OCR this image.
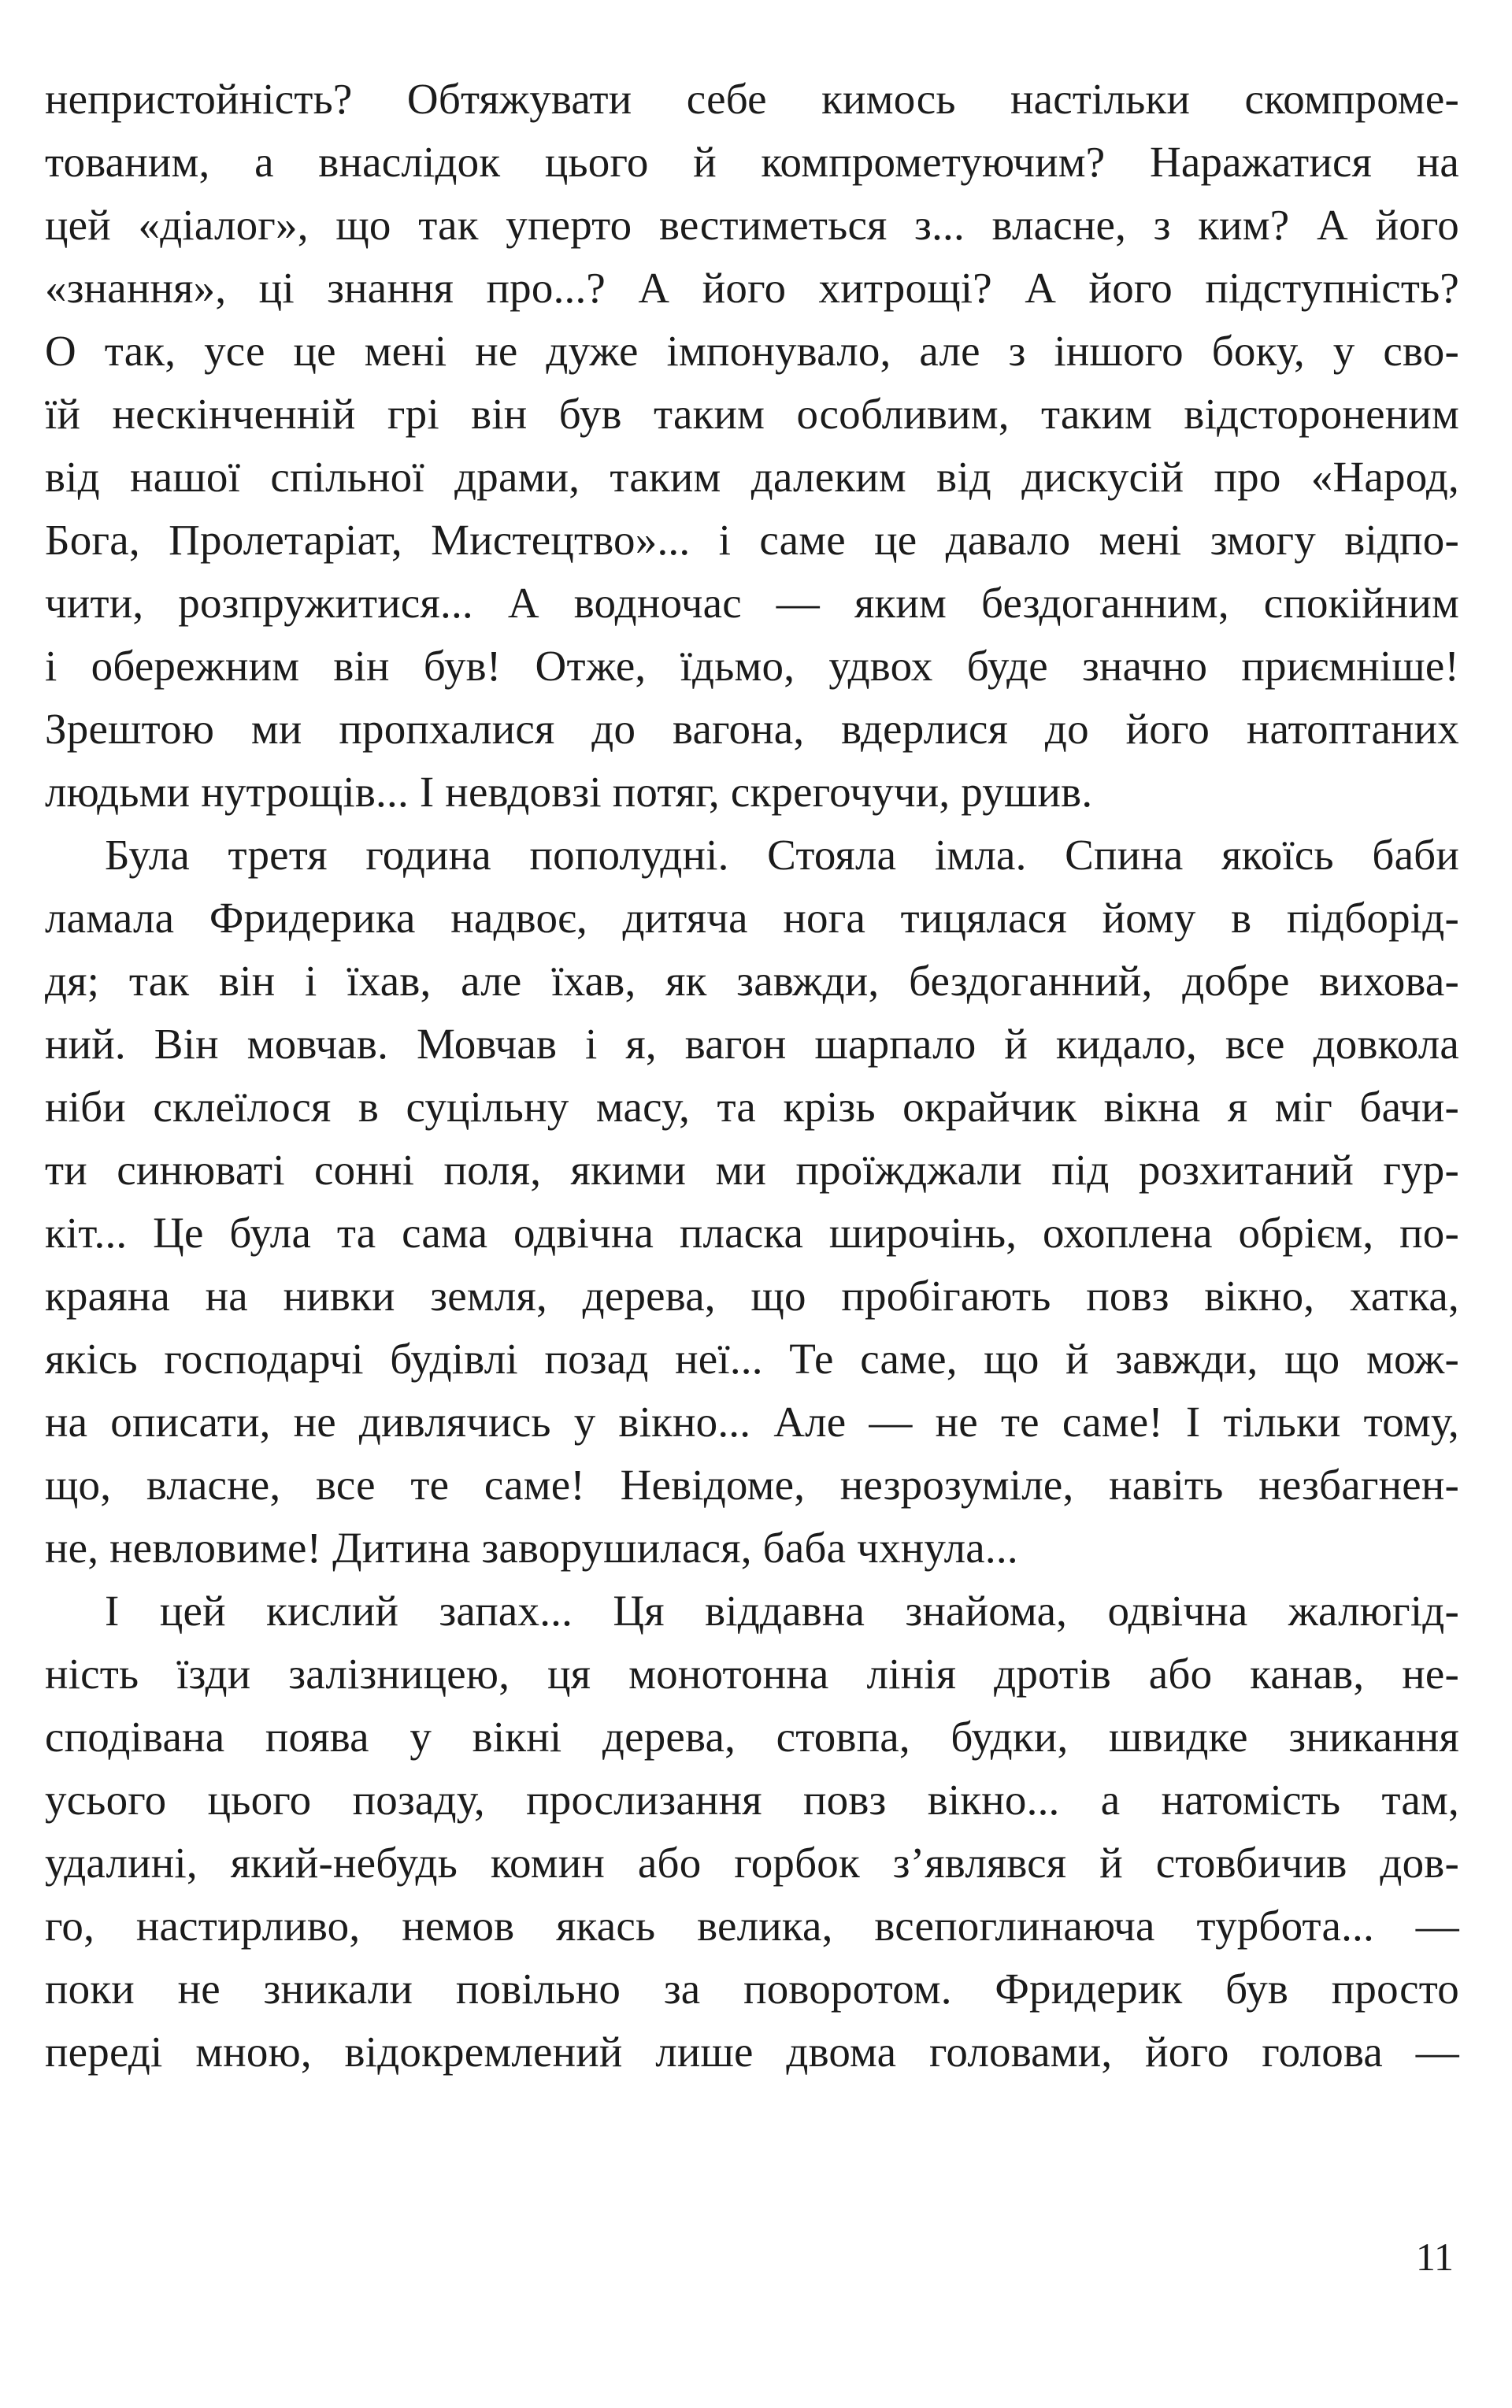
непристойність? Обтяжувати себе кимось настільки скомпроме-
тованим, а внаслідок цього й компрометуючим? Наражатися на
цей «діалог», що так уперто вестиметься з... власне, з ким? А його
«знання», ці знання про...? А його хитрощі? А його підступність?
О так, усе це мені не дуже імпонувало, але з іншого боку, у сво-
їй нескінченній грі він був таким особливим, таким відстороненим
від нашої спільної драми, таким далеким від дискусій про «Народ,
Бога, Пролетаріат, Мистецтво»... і саме це давало мені змогу відпо-
чити, розпружитися... А водночас — яким бездоганним, спокійним
і обережним він був! Отже, їдьмо, удвох буде значно приємніше!
Зрештою ми пропхалися до вагона, вдерлися до його натоптаних
людьми нутрощів... І невдовзі потяг, скрегочучи, рушив.
Була третя година пополудні. Стояла імла. Спина якоїсь баби
ламала Фридерика надвоє, дитяча нога тицялася йому в підборід-
дя; так він і їхав, але їхав, як завжди, бездоганний, добре вихова-
ний. Він мовчав. Мовчав і я, вагон шарпало й кидало, все довкола
ніби склеїлося в суцільну масу, та крізь окрайчик вікна я міг бачи-
ти синюваті сонні поля, якими ми проїжджали під розхитаний гур-
кіт... Це була та сама одвічна пласка широчінь, охоплена обрієм, по-
краяна на нивки земля, дерева, що пробігають повз вікно, хатка,
якісь господарчі будівлі позад неї... Те саме, що й завжди, що мож-
на описати, не дивлячись у вікно... Але — не те саме! І тільки тому,
що, власне, все те саме! Невідоме, незрозуміле, навіть незбагнен-
не, невловиме! Дитина заворушилася, баба чхнула...
І цей кислий запах... Ця віддавна знайома, одвічна жалюгід-
ність їзди залізницею, ця монотонна лінія дротів або канав, не-
сподівана поява у вікні дерева, стовпа, будки, швидке зникання
усього цього позаду, прослизання повз вікно... а натомість там,
удалині, який-небудь комин або горбок з’являвся й стовбичив дов-
го, настирливо, немов якась велика, всепоглинаюча турбота... —
поки не зникали повільно за поворотом. Фридерик був просто
переді мною, відокремлений лише двома головами, його голова —
11
